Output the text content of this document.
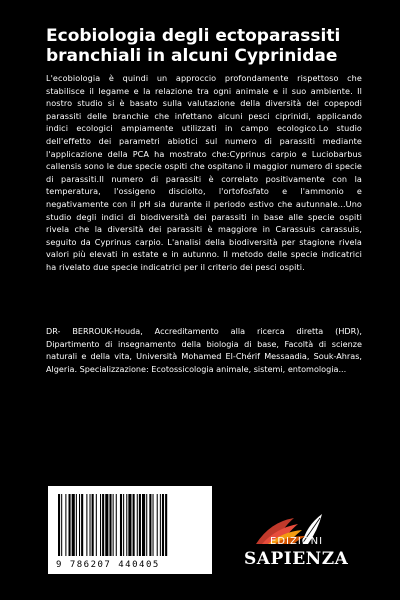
Ecobiologia degli ectoparassiti branchiali in alcuni Cyprinidae

L'ecobiologia è quindi un approccio profondamente rispettoso che stabilisce il legame e la relazione tra ogni animale e il suo ambiente. Il nostro studio si è basato sulla valutazione della diversità dei copepodi parassiti delle branchie che infettano alcuni pesci ciprinidi, applicando indici ecologici ampiamente utilizzati in campo ecologico.Lo studio dell'effetto dei parametri abiotici sul numero di parassiti mediante l'applicazione della PCA ha mostrato che:Cyprinus carpio e Luciobarbus callensis sono le due specie ospiti che ospitano il maggior numero di specie di parassiti.Il numero di parassiti è correlato positivamente con la temperatura, l'ossigeno disciolto, l'ortofosfato e l'ammonio e negativamente con il pH sia durante il periodo estivo che autunnale...Uno studio degli indici di biodiversità dei parassiti in base alle specie ospiti rivela che la diversità dei parassiti è maggiore in Carassuis carassuis, seguito da Cyprinus carpio. L'analisi della biodiversità per stagione rivela valori più elevati in estate e in autunno. Il metodo delle specie indicatrici ha rivelato due specie indicatrici per il criterio dei pesci ospiti.

DR- BERROUK-Houda, Accreditamento alla ricerca diretta (HDR), Dipartimento di insegnamento della biologia di base, Facoltà di scienze naturali e della vita, Università Mohamed El-Chérif Messaadia, Souk-Ahras, Algeria. Specializzazione: Ecotossicologia animale, sistemi, entomologia...

9 786207 440405
EDIZIONI
SAPIENZA
